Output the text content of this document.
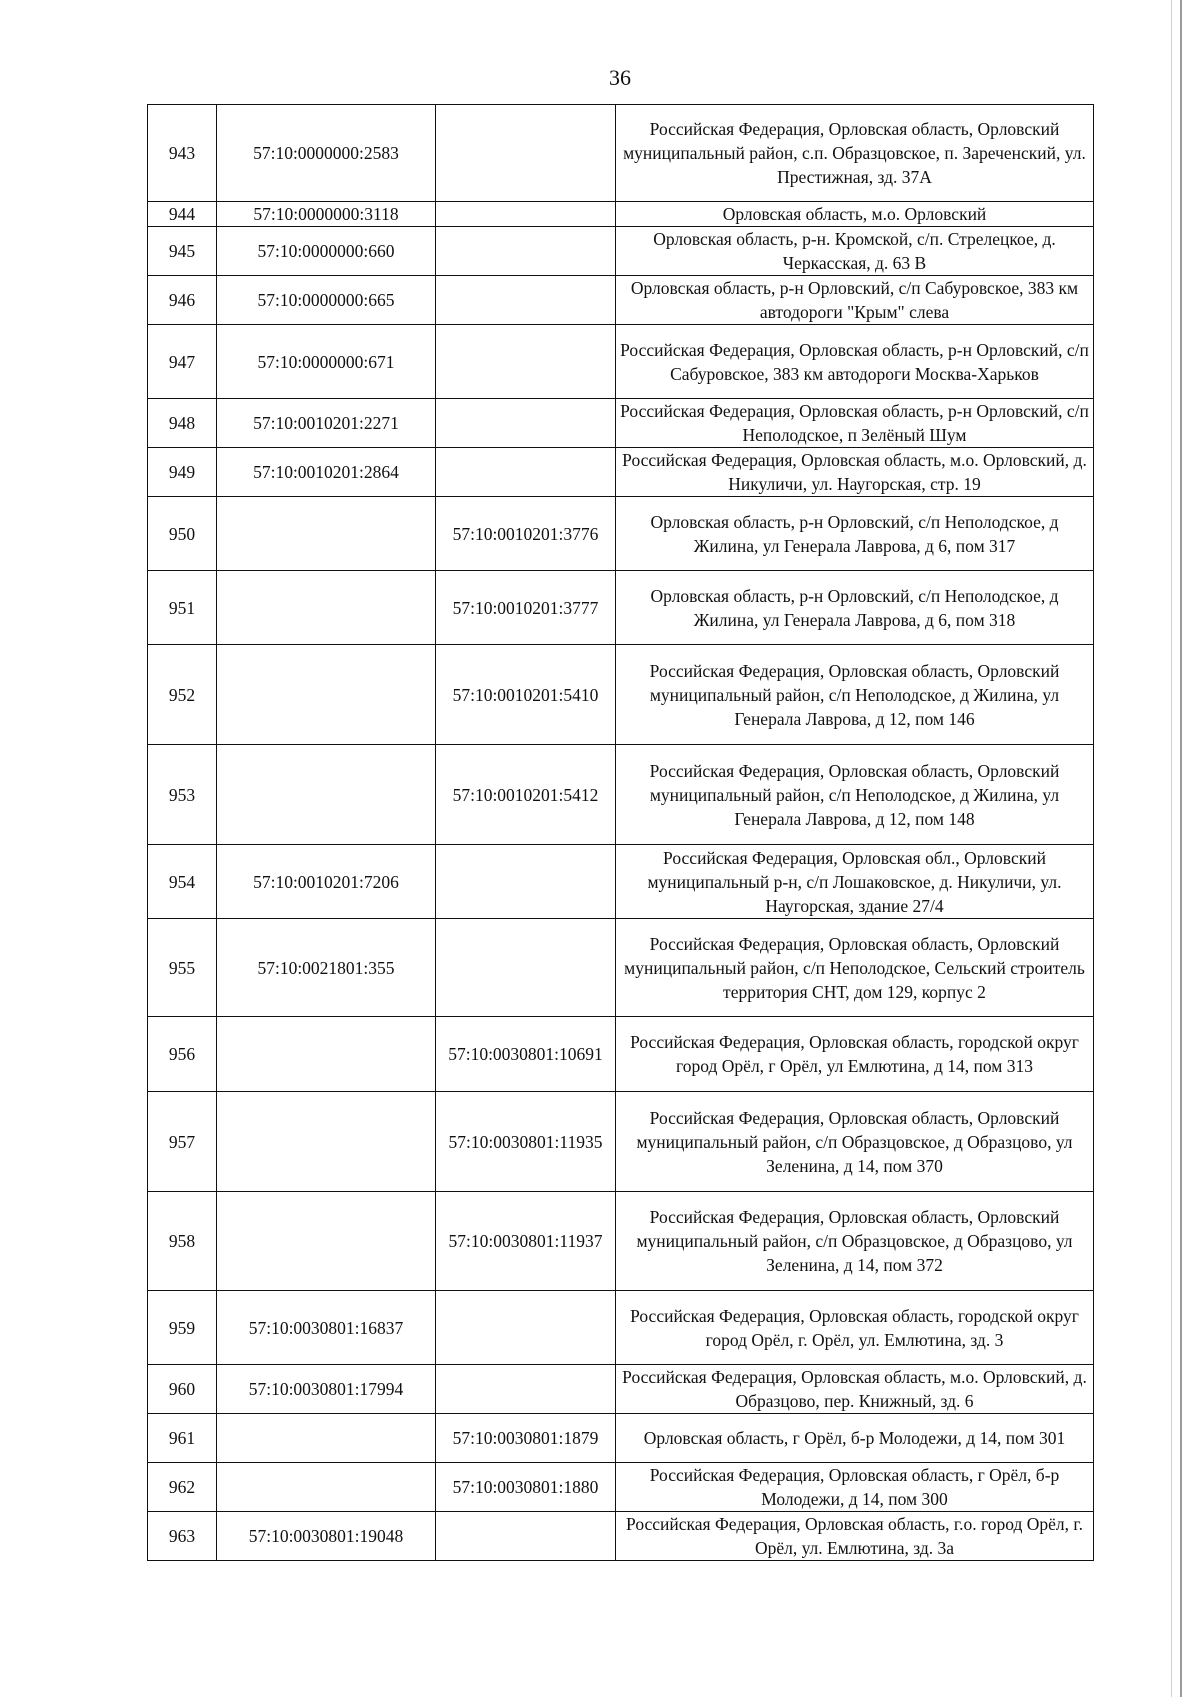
36
943	57:10:0000000:2583		Российская Федерация, Орловская область, Орловский муниципальный район, с.п. Образцовское, п. Зареченский, ул. Престижная, зд. 37А
944	57:10:0000000:3118		Орловская область, м.о. Орловский
945	57:10:0000000:660		Орловская область, р-н. Кромской, с/п. Стрелецкое, д. Черкасская, д. 63 В
946	57:10:0000000:665		Орловская область, р-н Орловский, с/п Сабуровское, 383 км автодороги "Крым" слева
947	57:10:0000000:671		Российская Федерация, Орловская область, р-н Орловский, с/п Сабуровское, 383 км автодороги Москва-Харьков
948	57:10:0010201:2271		Российская Федерация, Орловская область, р-н Орловский, с/п Неполодское, п Зелёный Шум
949	57:10:0010201:2864		Российская Федерация, Орловская область, м.о. Орловский, д. Никуличи, ул. Наугорская, стр. 19
950		57:10:0010201:3776	Орловская область, р-н Орловский, с/п Неполодское, д Жилина, ул Генерала Лаврова, д 6, пом 317
951		57:10:0010201:3777	Орловская область, р-н Орловский, с/п Неполодское, д Жилина, ул Генерала Лаврова, д 6, пом 318
952		57:10:0010201:5410	Российская Федерация, Орловская область, Орловский муниципальный район, с/п Неполодское, д Жилина, ул Генерала Лаврова, д 12, пом 146
953		57:10:0010201:5412	Российская Федерация, Орловская область, Орловский муниципальный район, с/п Неполодское, д Жилина, ул Генерала Лаврова, д 12, пом 148
954	57:10:0010201:7206		Российская Федерация, Орловская обл., Орловский муниципальный р-н, с/п Лошаковское, д. Никуличи, ул. Наугорская, здание 27/4
955	57:10:0021801:355		Российская Федерация, Орловская область, Орловский муниципальный район, с/п Неполодское, Сельский строитель территория СНТ, дом 129, корпус 2
956		57:10:0030801:10691	Российская Федерация, Орловская область, городской округ город Орёл, г Орёл, ул Емлютина, д 14, пом 313
957		57:10:0030801:11935	Российская Федерация, Орловская область, Орловский муниципальный район, с/п Образцовское, д Образцово, ул Зеленина, д 14, пом 370
958		57:10:0030801:11937	Российская Федерация, Орловская область, Орловский муниципальный район, с/п Образцовское, д Образцово, ул Зеленина, д 14, пом 372
959	57:10:0030801:16837		Российская Федерация, Орловская область, городской округ город Орёл, г. Орёл, ул. Емлютина, зд. 3
960	57:10:0030801:17994		Российская Федерация, Орловская область, м.о. Орловский, д. Образцово, пер. Книжный, зд. 6
961		57:10:0030801:1879	Орловская область, г Орёл, б-р Молодежи, д 14, пом 301
962		57:10:0030801:1880	Российская Федерация, Орловская область, г Орёл, б-р Молодежи, д 14, пом 300
963	57:10:0030801:19048		Российская Федерация, Орловская область, г.о. город Орёл, г. Орёл, ул. Емлютина, зд. 3а
